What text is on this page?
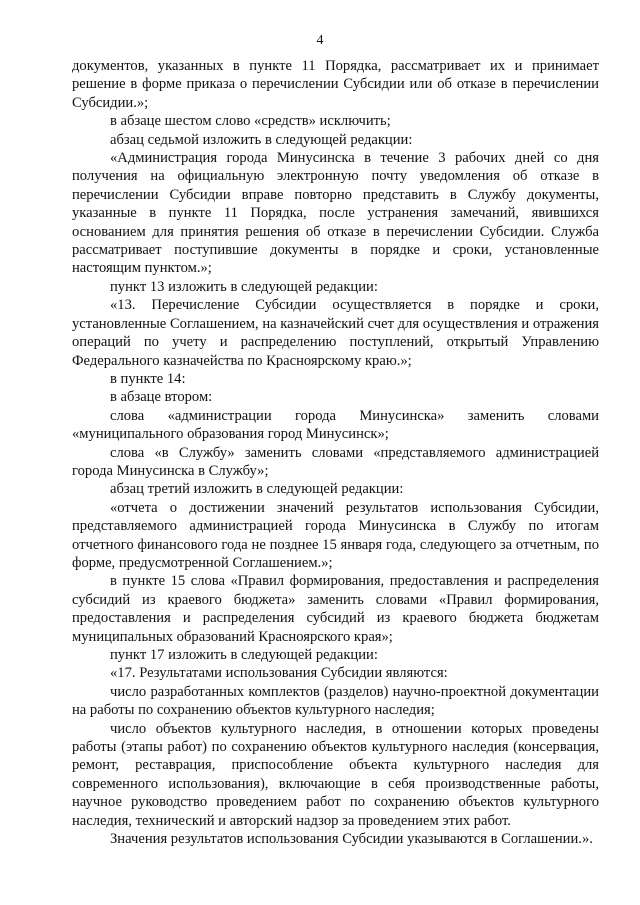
4

документов, указанных в пункте 11 Порядка, рассматривает их и принимает решение в форме приказа о перечислении Субсидии или об отказе в перечислении Субсидии.»;

в абзаце шестом слово «средств» исключить;

абзац седьмой изложить в следующей редакции:

«Администрация города Минусинска в течение 3 рабочих дней со дня получения на официальную электронную почту уведомления об отказе в перечислении Субсидии вправе повторно представить в Службу документы, указанные в пункте 11 Порядка, после устранения замечаний, явившихся основанием для принятия решения об отказе в перечислении Субсидии. Служба рассматривает поступившие документы в порядке и сроки, установленные настоящим пунктом.»;

пункт 13 изложить в следующей редакции:

«13. Перечисление Субсидии осуществляется в порядке и сроки, установленные Соглашением, на казначейский счет для осуществления и отражения операций по учету и распределению поступлений, открытый Управлению Федерального казначейства по Красноярскому краю.»;

в пункте 14:

в абзаце втором:

слова «администрации города Минусинска» заменить словами «муниципального образования город Минусинск»;

слова «в Службу» заменить словами «представляемого администрацией города Минусинска в Службу»;

абзац третий изложить в следующей редакции:

«отчета о достижении значений результатов использования Субсидии, представляемого администрацией города Минусинска в Службу по итогам отчетного финансового года не позднее 15 января года, следующего за отчетным, по форме, предусмотренной Соглашением.»;

в пункте 15 слова «Правил формирования, предоставления и распределения субсидий из краевого бюджета» заменить словами «Правил формирования, предоставления и распределения субсидий из краевого бюджета бюджетам муниципальных образований Красноярского края»;

пункт 17 изложить в следующей редакции:

«17. Результатами использования Субсидии являются:

число разработанных комплектов (разделов) научно-проектной документации на работы по сохранению объектов культурного наследия;

число объектов культурного наследия, в отношении которых проведены работы (этапы работ) по сохранению объектов культурного наследия (консервация, ремонт, реставрация, приспособление объекта культурного наследия для современного использования), включающие в себя производственные работы, научное руководство проведением работ по сохранению объектов культурного наследия, технический и авторский надзор за проведением этих работ.

Значения результатов использования Субсидии указываются в Соглашении.».
